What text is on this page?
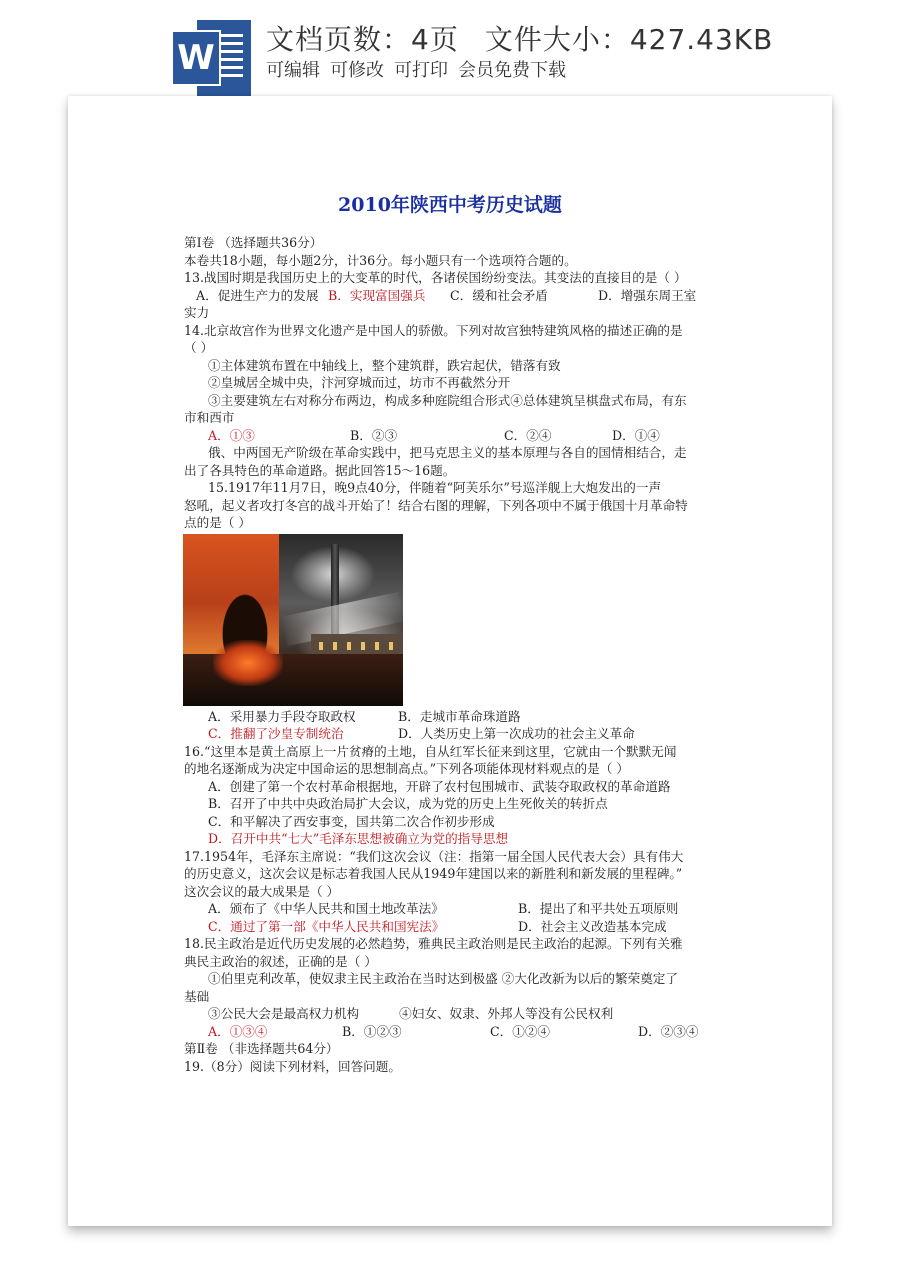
W 文档页数：4页 文件大小：427.43KB
可编辑 可修改 可打印 会员免费下载
2010年陕西中考历史试题

第Ⅰ卷 （选择题共36分）

本卷共18小题，每小题2分，计36分。每小题只有一个选项符合题的。

13.战国时期是我国历史上的大变革的时代，各诸侯国纷纷变法。其变法的直接目的是（ ）

A．促进生产力的发展 B．实现富国强兵 C．缓和社会矛盾	D．增强东周王室

实力

14.北京故宫作为世界文化遗产是中国人的骄傲。下列对故宫独特建筑风格的描述正确的是

（ ）

①主体建筑布置在中轴线上，整个建筑群，跌宕起伏，错落有致

②皇城居全城中央，汴河穿城而过，坊市不再截然分开

③主要建筑左右对称分布两边，构成多种庭院组合形式④总体建筑呈棋盘式布局，有东

市和西市

A．①③	B．②③	C．②④	D．①④

俄、中两国无产阶级在革命实践中，把马克思主义的基本原理与各自的国情相结合，走

出了各具特色的革命道路。据此回答15～16题。

15.1917年11月7日，晚9点40分，伴随着“阿芙乐尔”号巡洋舰上大炮发出的一声

怒吼，起义者攻打冬宫的战斗开始了！结合右图的理解，下列各项中不属于俄国十月革命特

点的是（ ）

A．采用暴力手段夺取政权	B．走城市革命珠道路

C．推翻了沙皇专制统治	D．人类历史上第一次成功的社会主义革命

16.“这里本是黄土高原上一片贫瘠的土地，自从红军长征来到这里，它就由一个默默无闻

的地名逐渐成为决定中国命运的思想制高点。”下列各项能体现材料观点的是（ ）

A．创建了第一个农村革命根据地，开辟了农村包围城市、武装夺取政权的革命道路

B．召开了中共中央政治局扩大会议，成为党的历史上生死攸关的转折点

C．和平解决了西安事变，国共第二次合作初步形成

D．召开中共“七大”毛泽东思想被确立为党的指导思想

17.1954年，毛泽东主席说：“我们这次会议（注：指第一届全国人民代表大会）具有伟大

的历史意义，这次会议是标志着我国人民从1949年建国以来的新胜利和新发展的里程碑。”

这次会议的最大成果是（ ）

A．颁布了《中华人民共和国土地改革法》	B．提出了和平共处五项原则

C．通过了第一部《中华人民共和国宪法》	D．社会主义改造基本完成

18.民主政治是近代历史发展的必然趋势，雅典民主政治则是民主政治的起源。下列有关雅

典民主政治的叙述，正确的是（ ）

①伯里克利改革，使奴隶主民主政治在当时达到极盛 ②大化改新为以后的繁荣奠定了

基础

③公民大会是最高权力机构          ④妇女、奴隶、外邦人等没有公民权利

A．①③④	B．①②③	C．①②④	D．②③④

第Ⅱ卷 （非选择题共64分）

19.（8分）阅读下列材料，回答问题。
